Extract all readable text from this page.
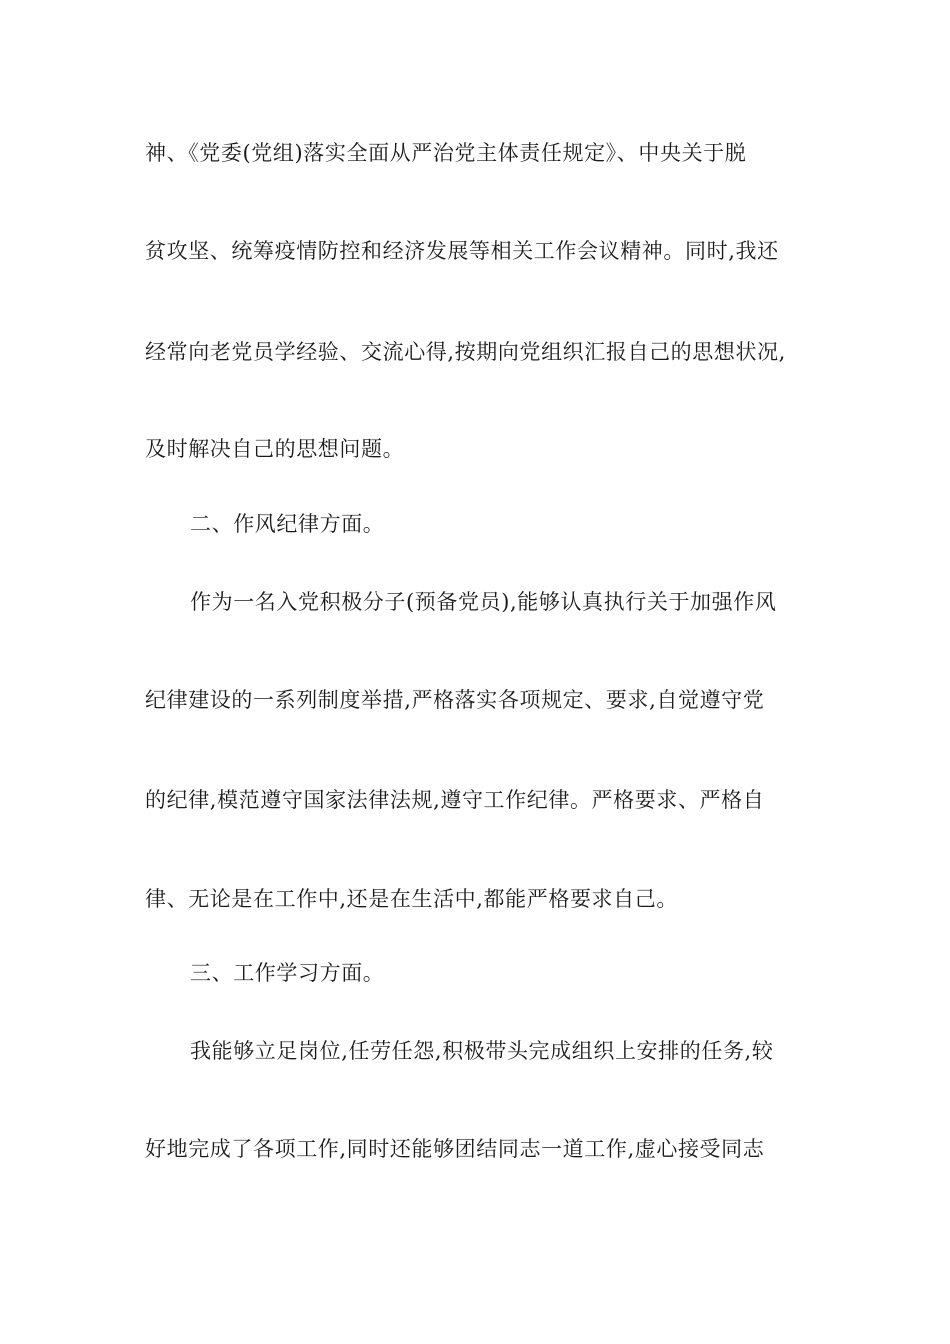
神、《党委(党组)落实全面从严治党主体责任规定》、中央关于脱
贫攻坚、统筹疫情防控和经济发展等相关工作会议精神。同时,我还
经常向老党员学经验、交流心得,按期向党组织汇报自己的思想状况,
及时解决自己的思想问题。
二、作风纪律方面。
作为一名入党积极分子(预备党员),能够认真执行关于加强作风
纪律建设的一系列制度举措,严格落实各项规定、要求,自觉遵守党
的纪律,模范遵守国家法律法规,遵守工作纪律。严格要求、严格自
律、无论是在工作中,还是在生活中,都能严格要求自己。
三、工作学习方面。
我能够立足岗位,任劳任怨,积极带头完成组织上安排的任务,较
好地完成了各项工作,同时还能够团结同志一道工作,虚心接受同志
